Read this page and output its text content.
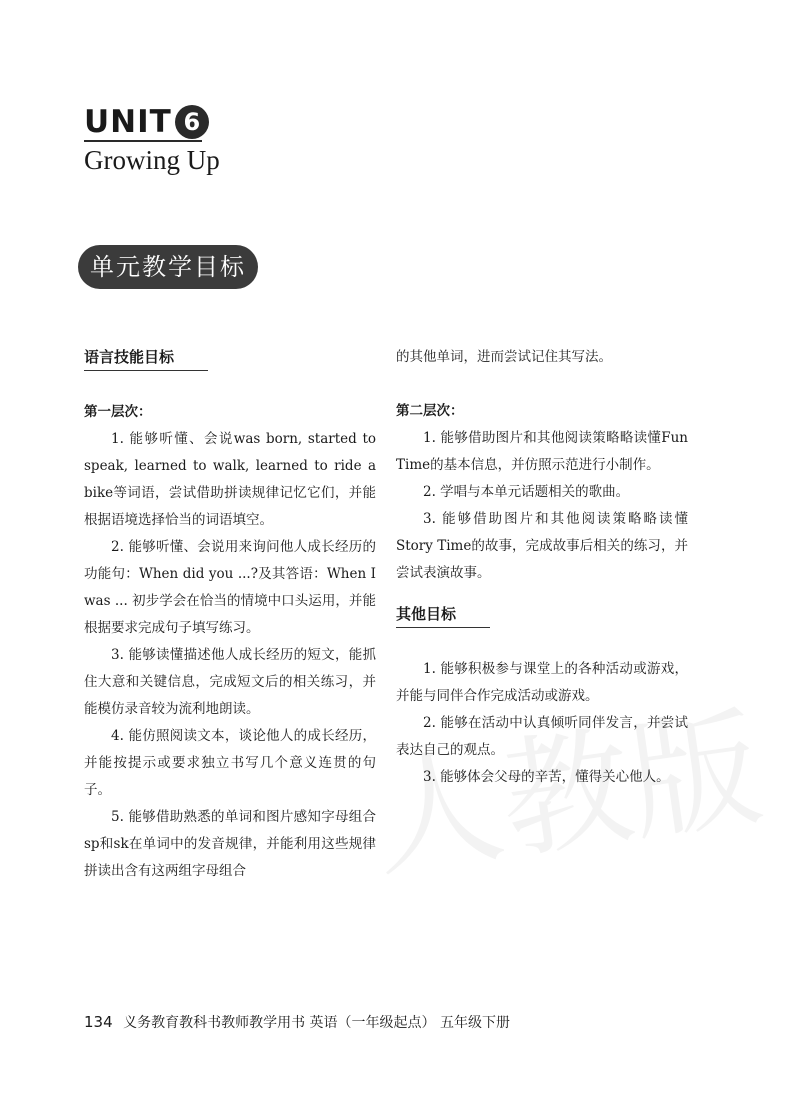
UNIT 6
Growing Up
单元教学目标
语言技能目标
第一层次：

1. 能够听懂、会说was born, started to speak, learned to walk, learned to ride a bike等词语，尝试借助拼读规律记忆它们，并能根据语境选择恰当的词语填空。

2. 能够听懂、会说用来询问他人成长经历的功能句：When did you ...?及其答语：When I was ... 初步学会在恰当的情境中口头运用，并能根据要求完成句子填写练习。

3. 能够读懂描述他人成长经历的短文，能抓住大意和关键信息，完成短文后的相关练习，并能模仿录音较为流利地朗读。

4. 能仿照阅读文本，谈论他人的成长经历，并能按提示或要求独立书写几个意义连贯的句子。

5. 能够借助熟悉的单词和图片感知字母组合sp和sk在单词中的发音规律，并能利用这些规律拼读出含有这两组字母组合

的其他单词，进而尝试记住其写法。

第二层次：

1. 能够借助图片和其他阅读策略略读懂Fun Time的基本信息，并仿照示范进行小制作。

2. 学唱与本单元话题相关的歌曲。

3. 能够借助图片和其他阅读策略略读懂Story Time的故事，完成故事后相关的练习，并尝试表演故事。

其他目标

1. 能够积极参与课堂上的各种活动或游戏，并能与同伴合作完成活动或游戏。

2. 能够在活动中认真倾听同伴发言，并尝试表达自己的观点。

3. 能够体会父母的辛苦，懂得关心他人。

134 义务教育教科书教师教学用书 英语（一年级起点） 五年级下册
